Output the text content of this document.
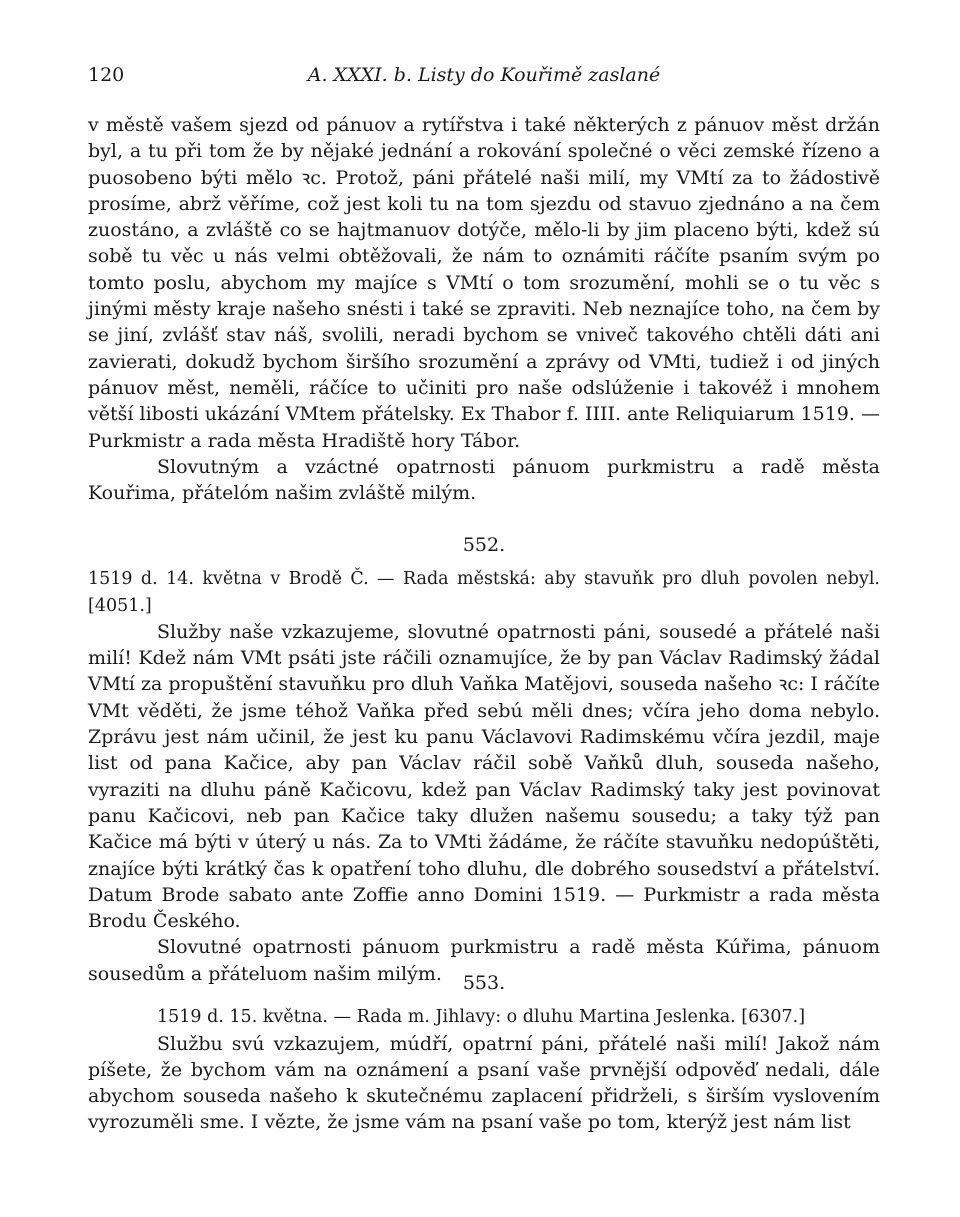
120	A. XXXI. b. Listy do Kouřimě zaslané

v městě vašem sjezd od pánuov a rytířstva i také některých z pánuov měst držán byl, a tu při tom že by nějaké jednání a rokování společné o věci zemské řízeno a puosobeno býti mělo ꝛc. Protož, páni přátelé naši milí, my VMtí za to žádostivě prosíme, abrž věříme, což jest koli tu na tom sjezdu od stavuo zjednáno a na čem zuostáno, a zvláště co se hajtmanuov dotýče, mělo-li by jim placeno býti, kdež sú sobě tu věc u nás velmi obtěžovali, že nám to oznámiti ráčíte psaním svým po tomto poslu, abychom my majíce s VMtí o tom srozumění, mohli se o tu věc s jinými městy kraje našeho snésti i také se zpraviti. Neb neznajíce toho, na čem by se jiní, zvlášť stav náš, svolili, neradi bychom se vniveč takového chtěli dáti ani zavierati, dokudž bychom širšího srozumění a zprávy od VMti, tudiež i od jiných pánuov měst, neměli, ráčíce to učiniti pro naše odslúženie i takovéž i mnohem větší libosti ukázání VMtem přátelsky. Ex Thabor f. IIII. ante Reliquiarum 1519. — Purkmistr a rada města Hradiště hory Tábor.

Slovutným a vzáctné opatrnosti pánuom purkmistru a radě města Kouřima, přátelóm našim zvláště milým.

552.

1519 d. 14. května v Brodě Č. — Rada městská: aby stavuňk pro dluh povolen nebyl. [4051.]

Služby naše vzkazujeme, slovutné opatrnosti páni, sousedé a přátelé naši milí! Kdež nám VMt psáti jste ráčili oznamujíce, že by pan Václav Radimský žádal VMtí za propuštění stavuňku pro dluh Vaňka Matějovi, souseda našeho ꝛc: I ráčíte VMt věděti, že jsme téhož Vaňka před sebú měli dnes; včíra jeho doma nebylo. Zprávu jest nám učinil, že jest ku panu Václavovi Radimskému včíra jezdil, maje list od pana Kačice, aby pan Václav ráčil sobě Vaňků dluh, souseda našeho, vyraziti na dluhu páně Kačicovu, kdež pan Václav Radimský taky jest povinovat panu Kačicovi, neb pan Kačice taky dlužen našemu sousedu; a taky týž pan Kačice má býti v úterý u nás. Za to VMti žádáme, že ráčíte stavuňku nedopúštěti, znajíce býti krátký čas k opatření toho dluhu, dle dobrého sousedství a přátelství. Datum Brode sabato ante Zoffie anno Domini 1519. — Purkmistr a rada města Brodu Českého.

Slovutné opatrnosti pánuom purkmistru a radě města Kúřima, pánuom sousedům a přáteluom našim milým.	553.

1519 d. 15. května. — Rada m. Jihlavy: o dluhu Martina Jeslenka. [6307.]

Službu svú vzkazujem, múdří, opatrní páni, přátelé naši milí! Jakož nám píšete, že bychom vám na oznámení a psaní vaše prvnější odpověď nedali, dále abychom souseda našeho k skutečnému zaplacení přidrželi, s širším vyslovením vyrozuměli sme. I vězte, že jsme vám na psaní vaše po tom, kterýž jest nám list
